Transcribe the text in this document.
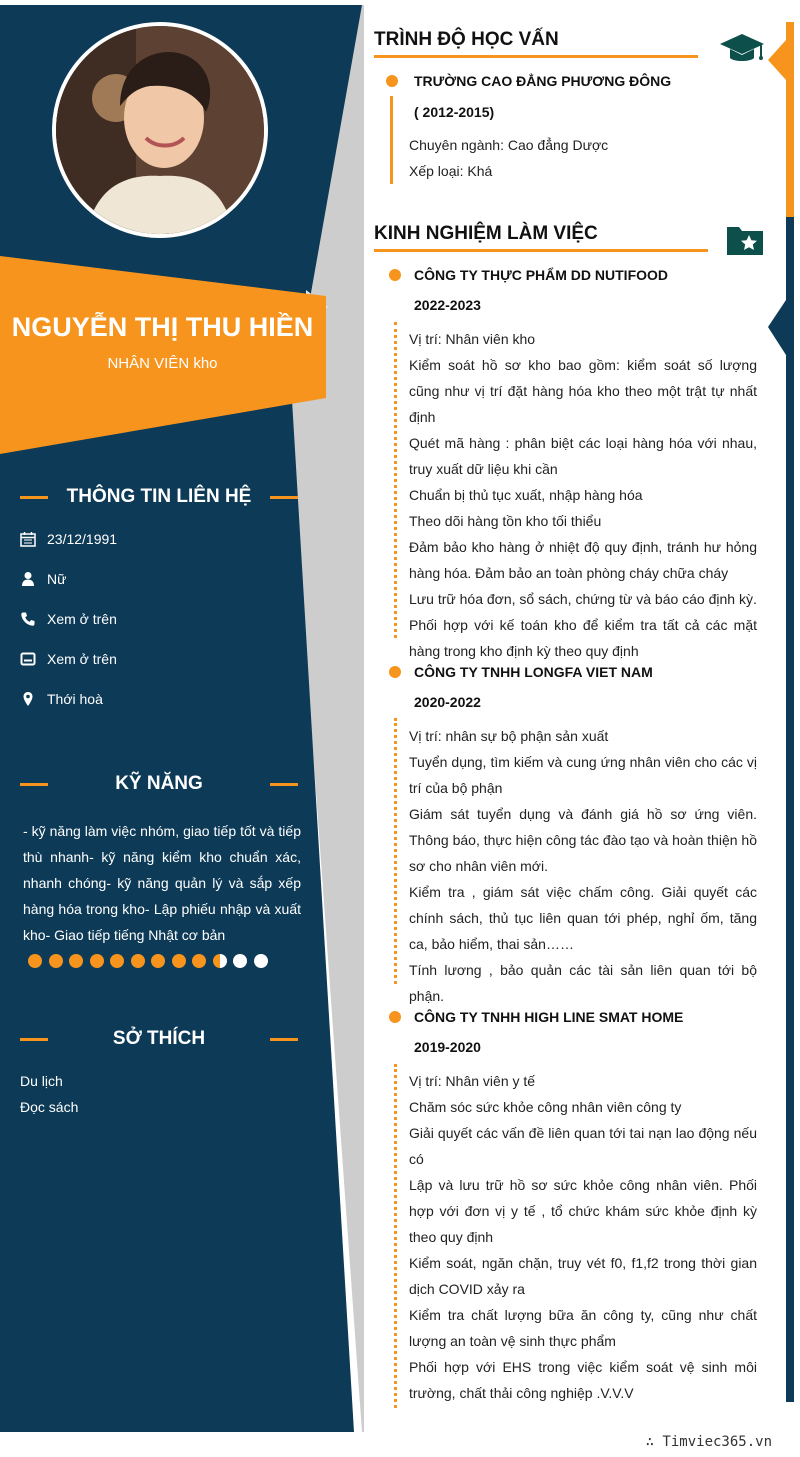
NGUYỄN THỊ THU HIỀN
NHÂN VIÊN kho
THÔNG TIN LIÊN HỆ
23/12/1991
Nữ
Xem ở trên
Xem ở trên
Thới hoà
KỸ NĂNG
- kỹ năng làm việc nhóm, giao tiếp tốt và tiếp thù nhanh- kỹ năng kiểm kho chuẩn xác, nhanh chóng- kỹ năng quản lý và sắp xếp hàng hóa trong kho- Lập phiếu nhập và xuất kho- Giao tiếp tiếng Nhật cơ bản
SỞ THÍCH
Du lịch
Đọc sách
TRÌNH ĐỘ HỌC VẤN
TRƯỜNG CAO ĐẲNG PHƯƠNG ĐÔNG
( 2012-2015)
Chuyên ngành: Cao đẳng Dược
Xếp loại: Khá
KINH NGHIỆM LÀM VIỆC
CÔNG TY THỰC PHẨM DD NUTIFOOD
2022-2023
Vị trí: Nhân viên kho
Kiểm soát hồ sơ kho bao gồm: kiểm soát số lượng cũng như vị trí đặt hàng hóa kho theo một trật tự nhất định
Quét mã hàng : phân biệt các loại hàng hóa với nhau, truy xuất dữ liệu khi cần
Chuẩn bị thủ tục xuất, nhập hàng hóa
Theo dõi hàng tồn kho tối thiểu
Đảm bảo kho hàng ở nhiệt độ quy định, tránh hư hỏng hàng hóa. Đảm bảo an toàn phòng cháy chữa cháy
Lưu trữ hóa đơn, sổ sách, chứng từ và báo cáo định kỳ.
Phối hợp với kế toán kho để kiểm tra tất cả các mặt hàng trong kho định kỳ theo quy định
CÔNG TY TNHH LONGFA VIET NAM
2020-2022
Vị trí: nhân sự bộ phận sản xuất
Tuyển dụng, tìm kiếm và cung ứng nhân viên cho các vị trí của bộ phận
Giám sát tuyển dụng và đánh giá hồ sơ ứng viên. Thông báo, thực hiện công tác đào tạo và hoàn thiện hồ sơ cho nhân viên mới.
Kiểm tra , giám sát việc chấm công. Giải quyết các chính sách, thủ tục liên quan tới phép, nghỉ ốm, tăng ca, bảo hiểm, thai sản……
Tính lương , bảo quản các tài sản liên quan tới bộ phận.
CÔNG TY TNHH HIGH LINE SMAT HOME
2019-2020
Vị trí: Nhân viên y tế
Chăm sóc sức khỏe công nhân viên công ty
Giải quyết các vấn đề liên quan tới tai nạn lao động nếu có
Lập và lưu trữ hồ sơ sức khỏe công nhân viên. Phối hợp với đơn vị y tế , tổ chức khám sức khỏe định kỳ theo quy định
Kiểm soát, ngăn chặn, truy vét f0, f1,f2 trong thời gian dịch COVID xảy ra
Kiểm tra chất lượng bữa ăn công ty, cũng như chất lượng an toàn vệ sinh thực phẩm
Phối hợp với EHS trong việc kiểm soát vệ sinh môi trường, chất thải công nghiệp .V.V.V
∴ Timviec365.vn
